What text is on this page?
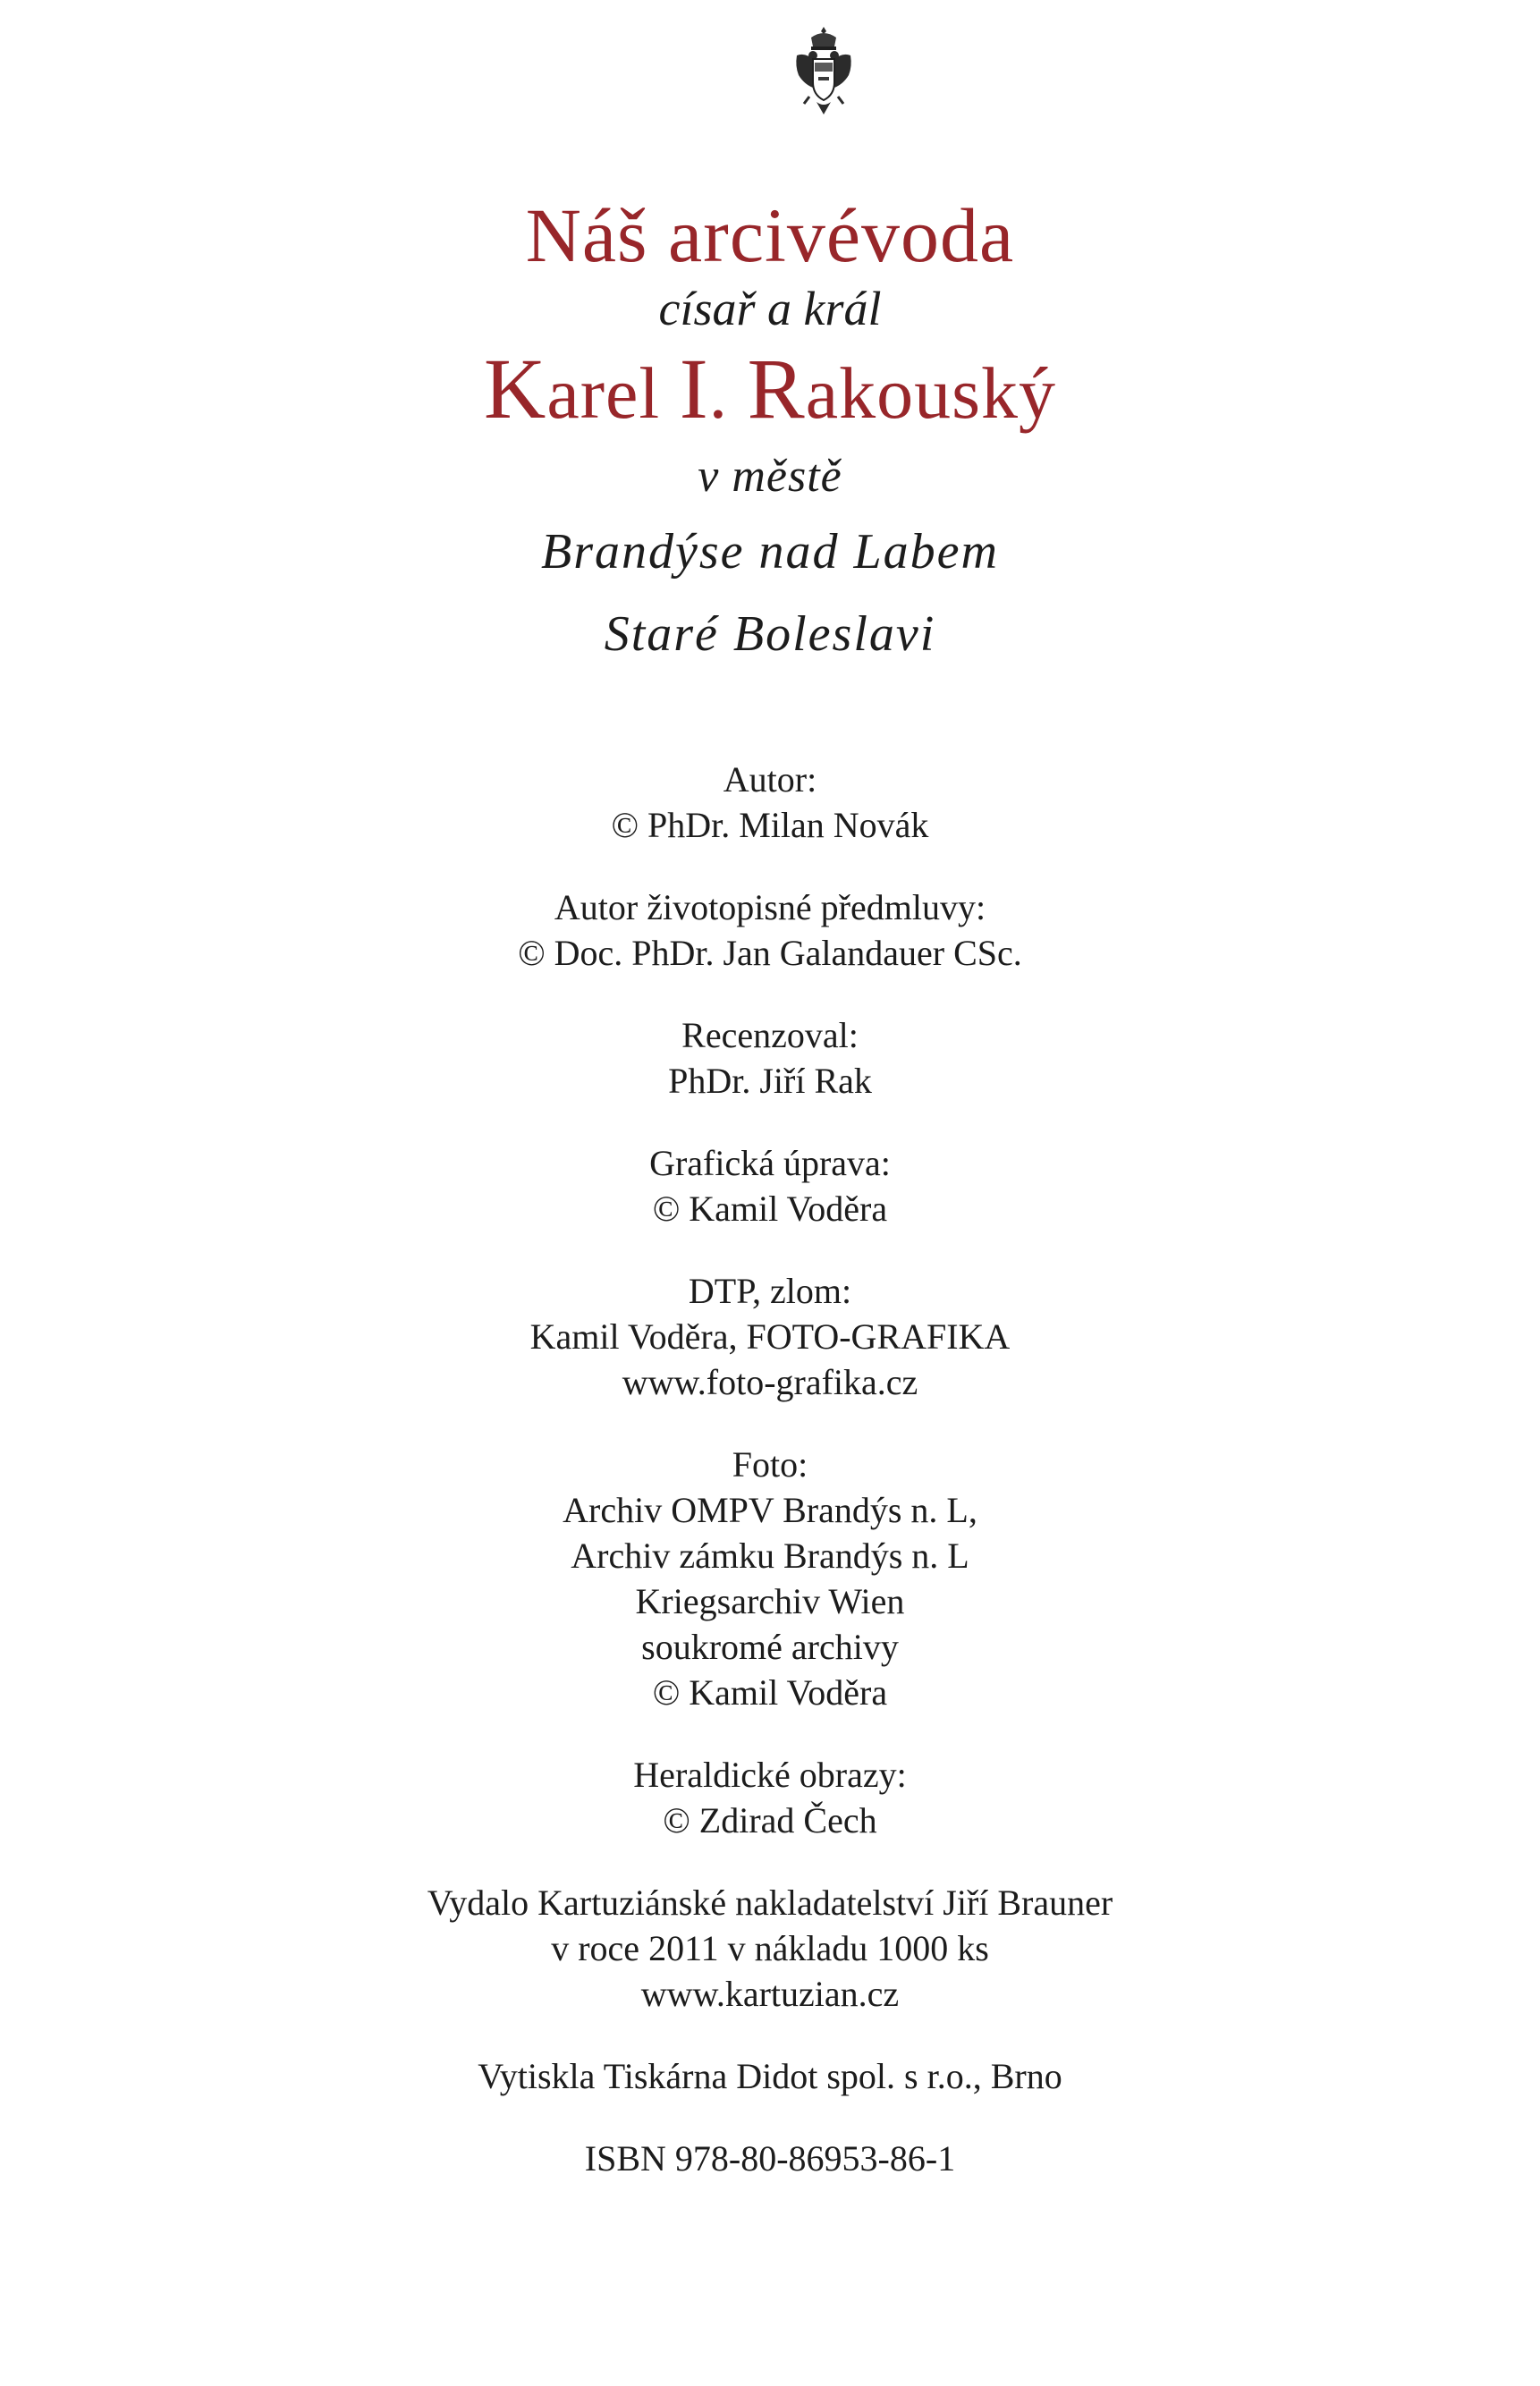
Náš arcivévoda
císař a král
Karel I. Rakouský
v městě
Brandýse nad Labem
Staré Boleslavi
Autor:
© PhDr. Milan Novák
Autor životopisné předmluvy:
© Doc. PhDr. Jan Galandauer CSc.
Recenzoval:
PhDr. Jiří Rak
Grafická úprava:
© Kamil Voděra
DTP, zlom:
Kamil Voděra, FOTO-GRAFIKA
www.foto-grafika.cz
Foto:
Archiv OMPV Brandýs n. L,
Archiv zámku Brandýs n. L
Kriegsarchiv Wien
soukromé archivy
© Kamil Voděra
Heraldické obrazy:
© Zdirad Čech
Vydalo Kartuziánské nakladatelství Jiří Brauner
v roce 2011 v nákladu 1000 ks
www.kartuzian.cz
Vytiskla Tiskárna Didot spol. s r.o., Brno
ISBN 978-80-86953-86-1
